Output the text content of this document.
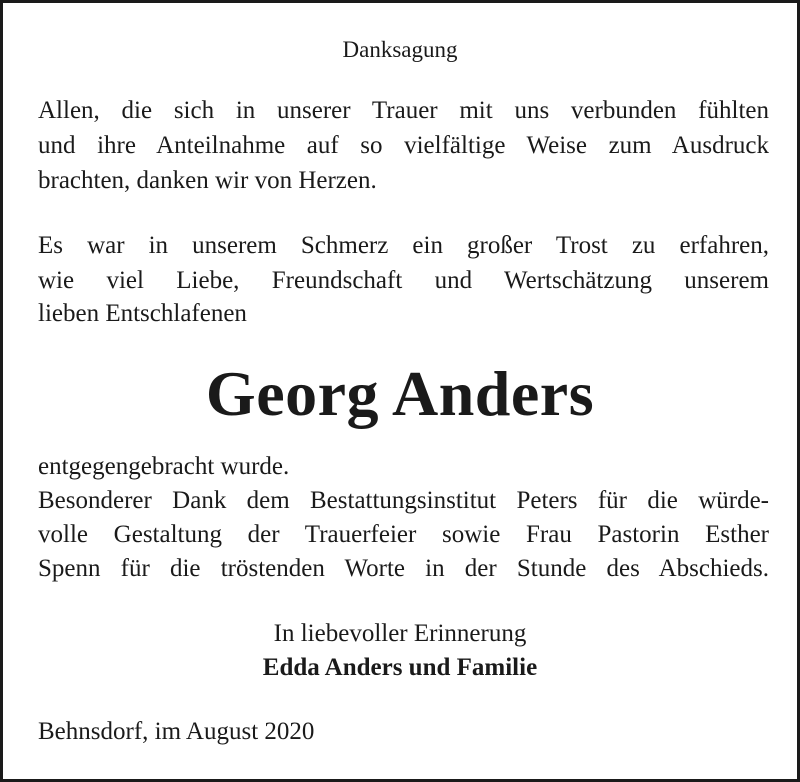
Danksagung
Allen, die sich in unserer Trauer mit uns verbunden fühlten
und ihre Anteilnahme auf so vielfältige Weise zum Ausdruck
brachten, danken wir von Herzen.
Es war in unserem Schmerz ein großer Trost zu erfahren,
wie viel Liebe, Freundschaft und Wertschätzung unserem
lieben Entschlafenen
Georg Anders
entgegengebracht wurde.
Besonderer Dank dem Bestattungsinstitut Peters für die würde-
volle Gestaltung der Trauerfeier sowie Frau Pastorin Esther
Spenn für die tröstenden Worte in der Stunde des Abschieds.
In liebevoller Erinnerung
Edda Anders und Familie
Behnsdorf, im August 2020
